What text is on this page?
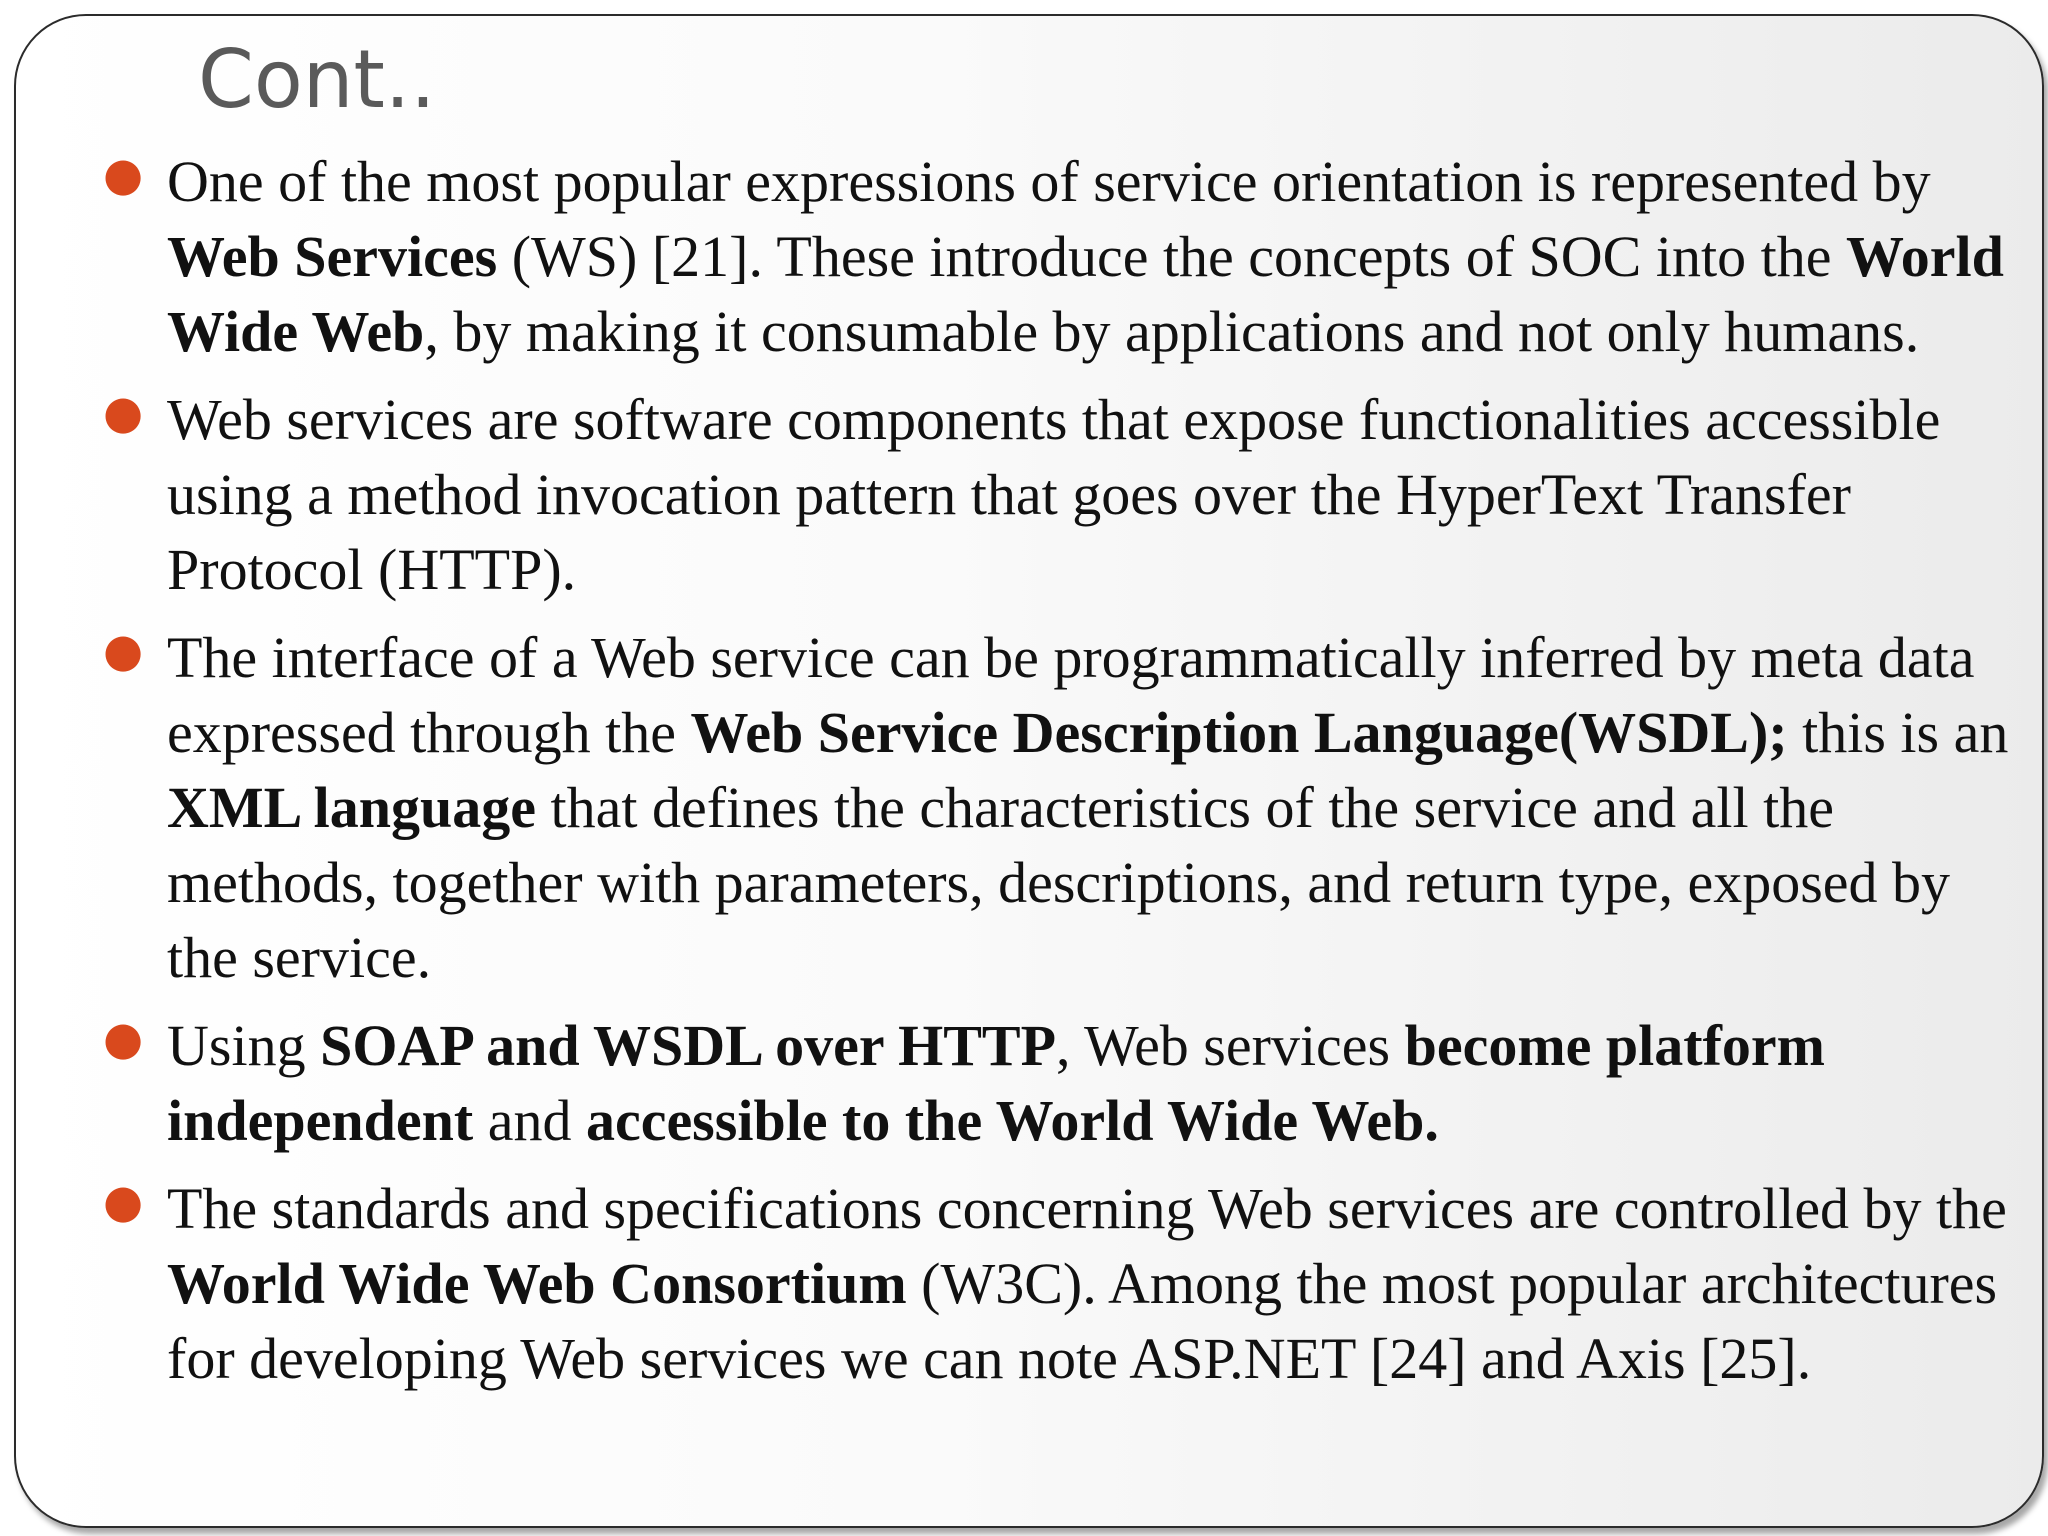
Cont..
● One of the most popular expressions of service orientation is represented by Web Services (WS) [21]. These introduce the concepts of SOC into the World Wide Web, by making it consumable by applications and not only humans.
● Web services are software components that expose functionalities accessible using a method invocation pattern that goes over the HyperText Transfer Protocol (HTTP).
● The interface of a Web service can be programmatically inferred by meta data expressed through the Web Service Description Language(WSDL); this is an XML language that defines the characteristics of the service and all the methods, together with parameters, descriptions, and return type, exposed by the service.
● Using SOAP and WSDL over HTTP, Web services become platform independent and accessible to the World Wide Web.
● The standards and specifications concerning Web services are controlled by the World Wide Web Consortium (W3C). Among the most popular architectures for developing Web services we can note ASP.NET [24] and Axis [25].
